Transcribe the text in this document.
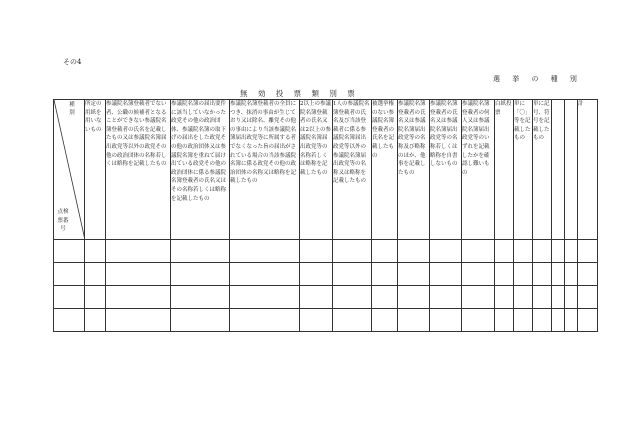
その4
選 挙 の 種 別
無 効 投 票 類 別 票
種別
点検票番号	所定の用紙を用いないもの	参議院名簿登載者でない者、公職の候補者となることができない参議院名簿登載者の氏名を記載したもの又は参議院名簿届出政党等以外の政党その他の政治団体の名称若しくは略称を記載したもの	参議院名簿の届出要件に該当していなかった政党その他の政治団体、参議院名簿の取下げの届出をした政党その他の政治団体又は参議院名簿を重ねて届け出ている政党その他の政治団体に係る参議院名簿登載者の氏名又はその名称若しくは略称を記載したもの	参議院名簿登載者の全員につき、抹消の事由が生じており又は除名、離党その他の事由により当該参議院名簿届出政党等に所属する者でなくなった旨の届出がされている場合の当該参議院名簿に係る政党その他の政治団体の名称又は略称を記載したもの	2以上の参議院名簿登載者の氏名又は2以上の参議院名簿届出政党等の名称若しくは略称を記載したもの	1人の参議院名簿登載者の氏名及び当該登載者に係る参議院名簿届出政党等以外の参議院名簿届出政党等の名称又は略称を記載したもの	被選挙権のない参議院名簿登載者の氏名を記載したもの	参議院名簿登載者の氏名又は参議院名簿届出政党等の名称及び略称のほか、他事を記載したもの	参議院名簿登載者の氏名又は参議院名簿届出政党等の名称若しくは略称を自書しないもの	参議院名簿登載者の何人又は参議院名簿届出政党等のいずれを記載したかを確認し難いもの	白紙投票	単に「〇」等を記載したもの	単に記号、符号を記載したもの			計
